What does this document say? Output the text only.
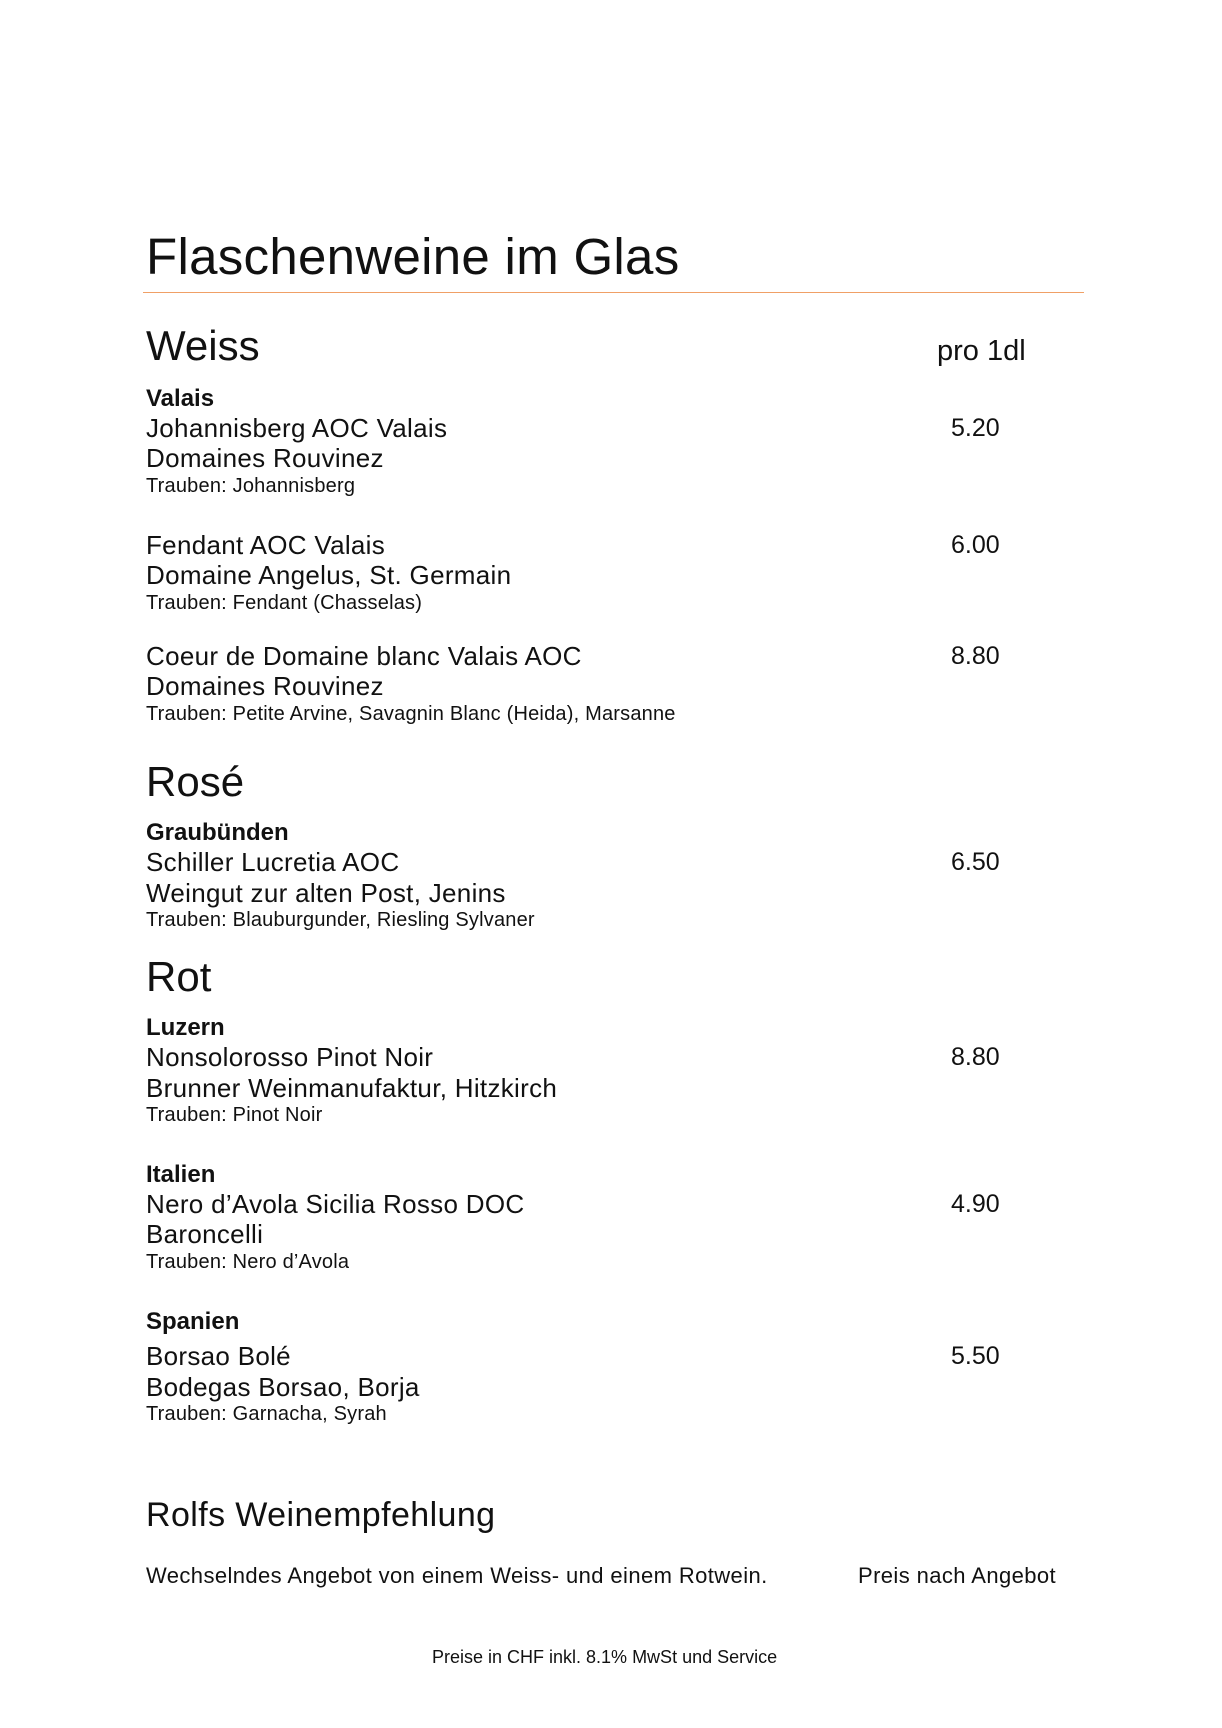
Flaschenweine im Glas
Weiss	pro 1dl
Valais
Johannisberg AOC Valais	5.20
Domaines Rouvinez
Trauben: Johannisberg
Fendant AOC Valais	6.00
Domaine Angelus, St. Germain
Trauben: Fendant (Chasselas)
Coeur de Domaine blanc Valais AOC	8.80
Domaines Rouvinez
Trauben: Petite Arvine, Savagnin Blanc (Heida), Marsanne
Rosé
Graubünden
Schiller Lucretia AOC	6.50
Weingut zur alten Post, Jenins
Trauben: Blauburgunder, Riesling Sylvaner
Rot
Luzern
Nonsolorosso Pinot Noir	8.80
Brunner Weinmanufaktur, Hitzkirch
Trauben: Pinot Noir
Italien
Nero d’Avola Sicilia Rosso DOC	4.90
Baroncelli
Trauben: Nero d’Avola
Spanien
Borsao Bolé	5.50
Bodegas Borsao, Borja
Trauben: Garnacha, Syrah
Rolfs Weinempfehlung
Wechselndes Angebot von einem Weiss- und einem Rotwein.	Preis nach Angebot
Preise in CHF inkl. 8.1% MwSt und Service
